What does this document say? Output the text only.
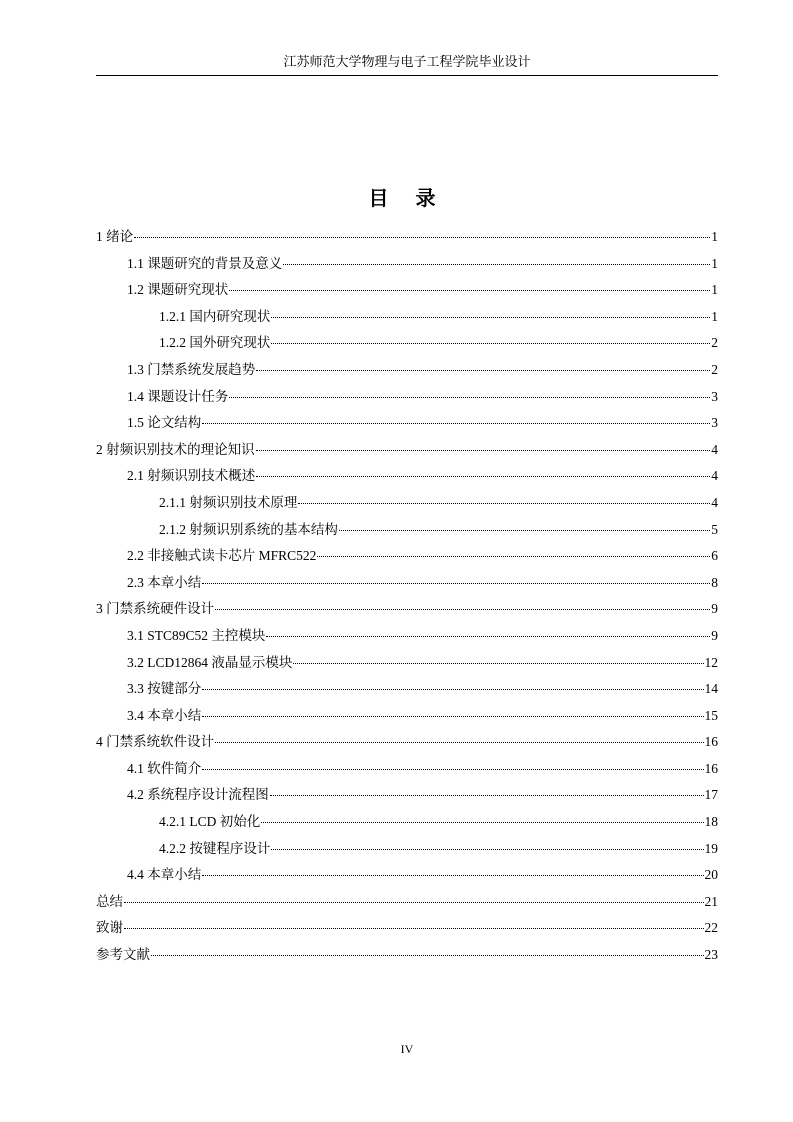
江苏师范大学物理与电子工程学院毕业设计
目 录
1 绪论	1
1.1 课题研究的背景及意义	1
1.2 课题研究现状	1
1.2.1 国内研究现状	1
1.2.2 国外研究现状	2
1.3 门禁系统发展趋势	2
1.4 课题设计任务	3
1.5 论文结构	3
2 射频识别技术的理论知识	4
2.1 射频识别技术概述	4
2.1.1 射频识别技术原理	4
2.1.2 射频识别系统的基本结构	5
2.2 非接触式读卡芯片 MFRC522	6
2.3 本章小结	8
3 门禁系统硬件设计	9
3.1 STC89C52 主控模块	9
3.2 LCD12864 液晶显示模块	12
3.3 按键部分	14
3.4 本章小结	15
4 门禁系统软件设计	16
4.1 软件简介	16
4.2 系统程序设计流程图	17
4.2.1 LCD 初始化	18
4.2.2 按键程序设计	19
4.4 本章小结	20
总结	21
致谢	22
参考文献	23
IV
